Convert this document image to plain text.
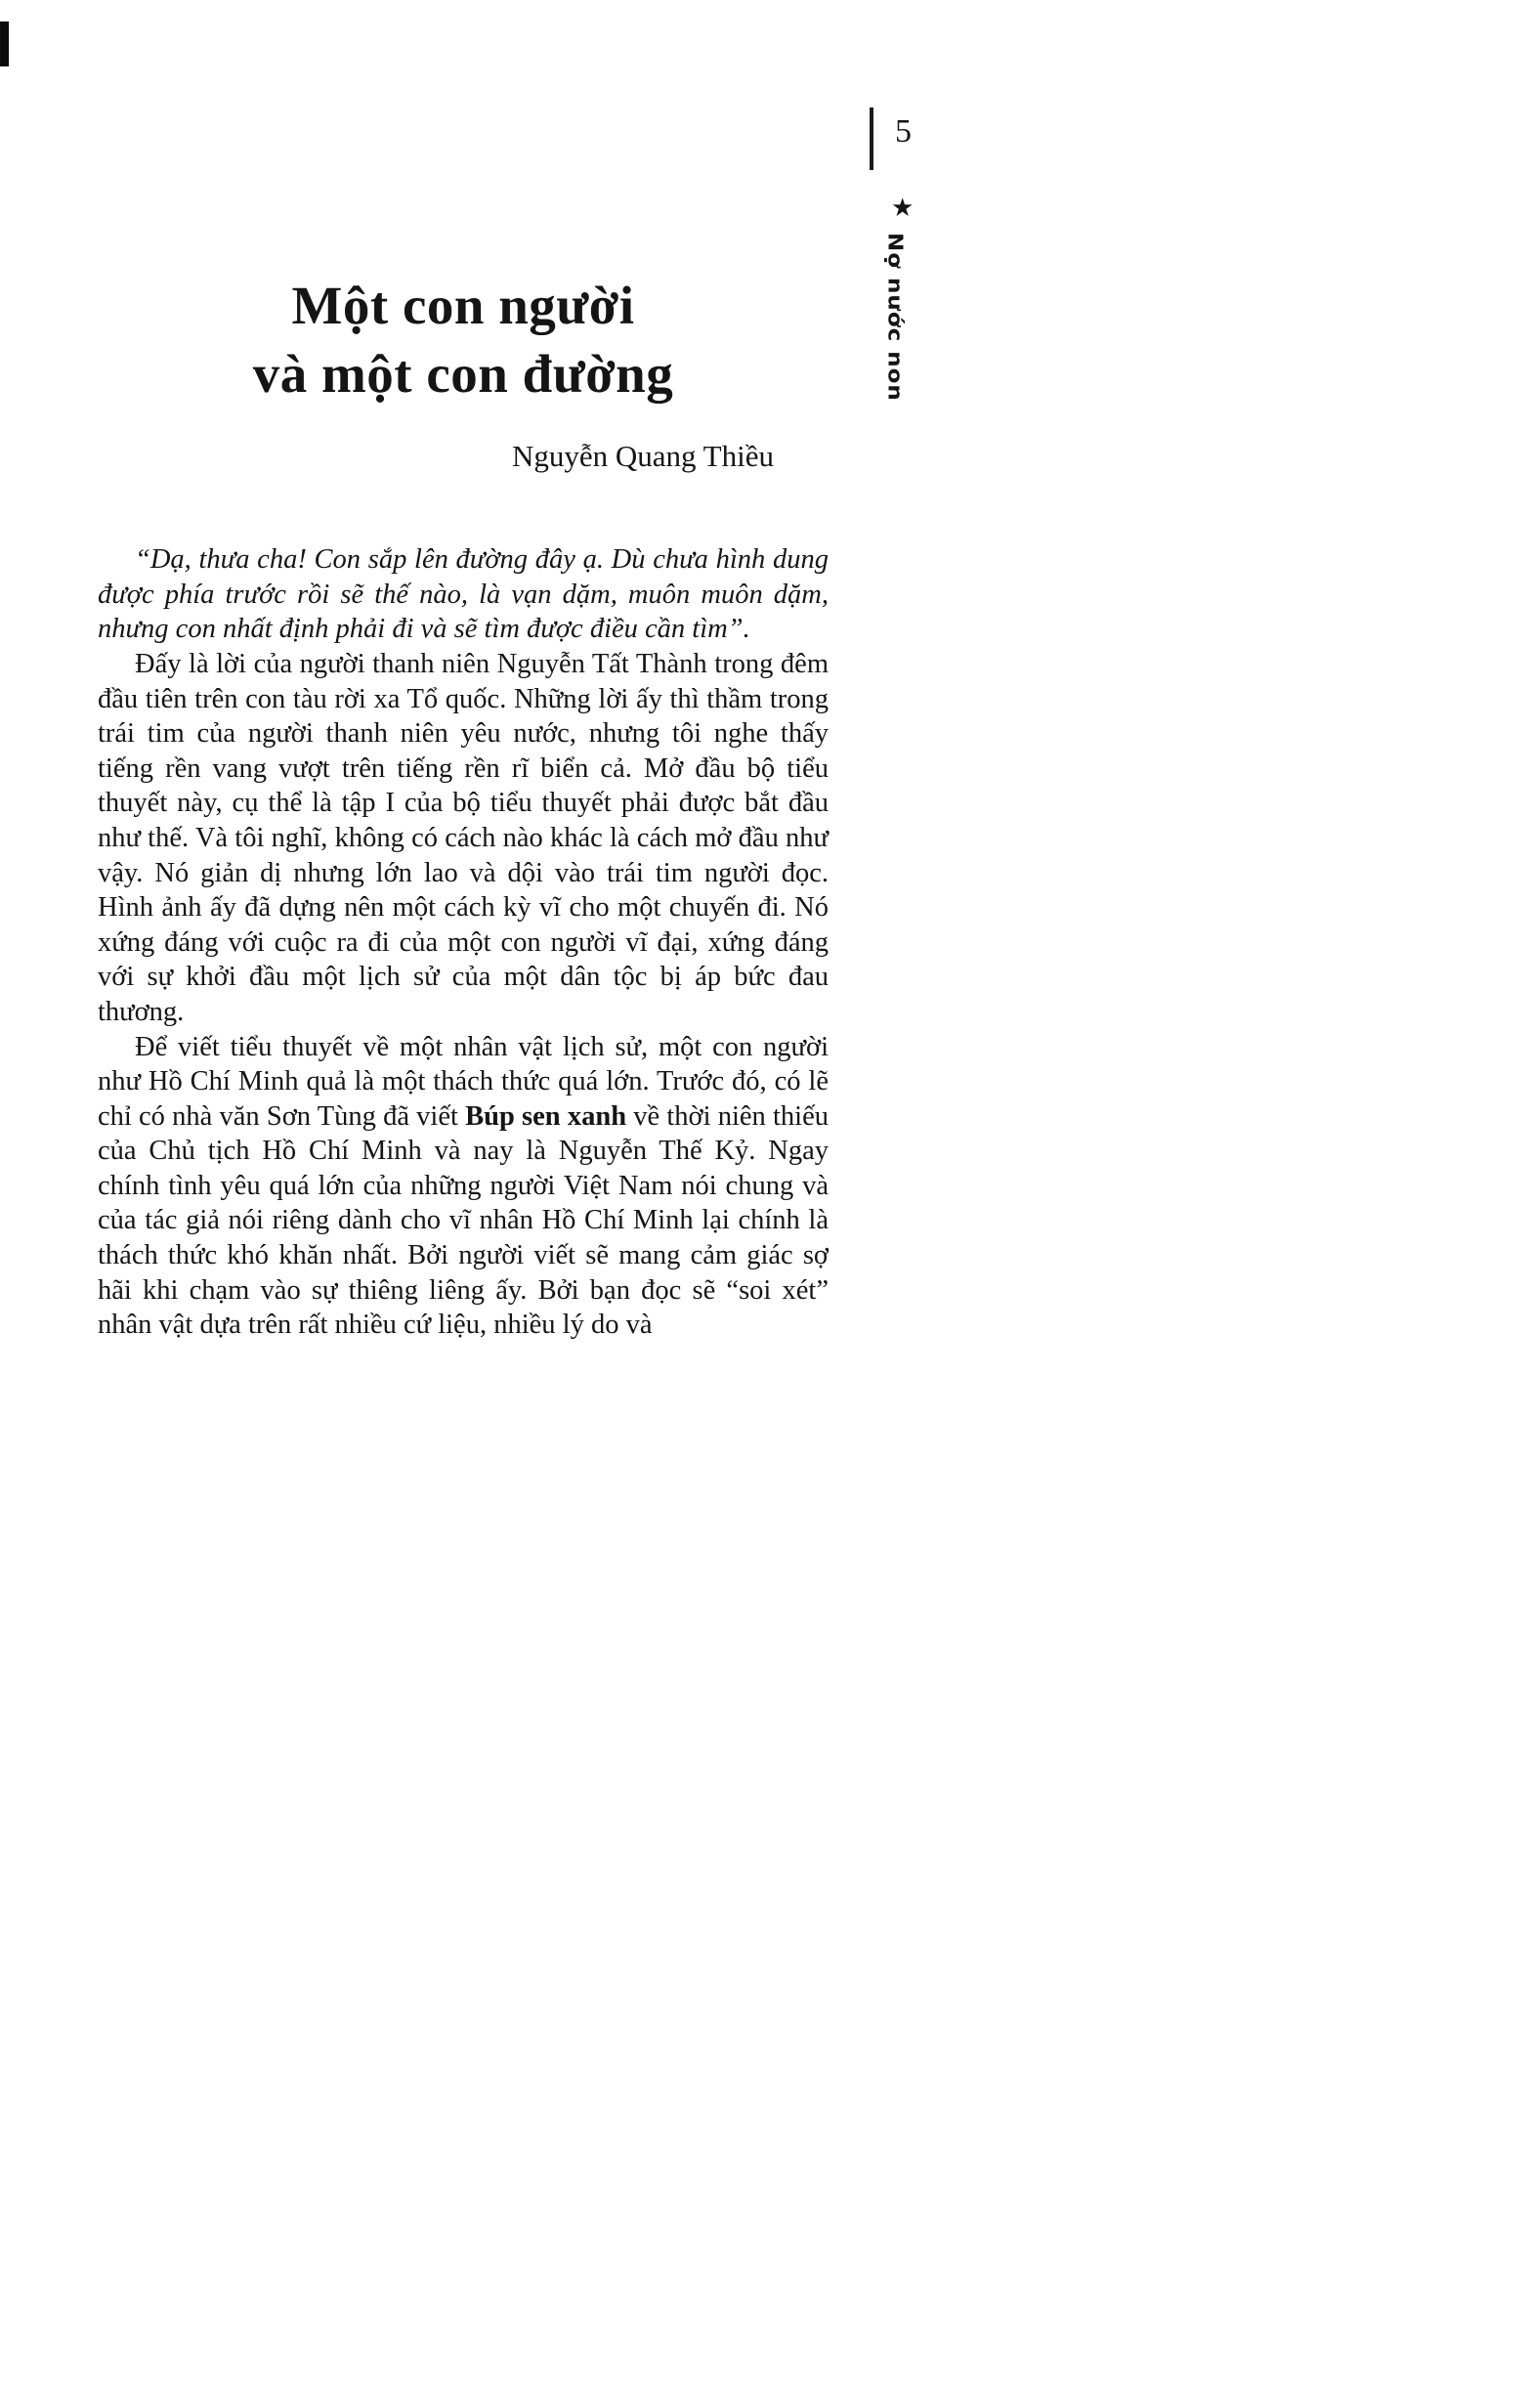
5
★
Nợ nước non
Một con người
và một con đường
Nguyễn Quang Thiều

“Dạ, thưa cha! Con sắp lên đường đây ạ. Dù chưa hình dung được phía trước rồi sẽ thế nào, là vạn dặm, muôn muôn dặm, nhưng con nhất định phải đi và sẽ tìm được điều cần tìm”.

Đấy là lời của người thanh niên Nguyễn Tất Thành trong đêm đầu tiên trên con tàu rời xa Tổ quốc. Những lời ấy thì thầm trong trái tim của người thanh niên yêu nước, nhưng tôi nghe thấy tiếng rền vang vượt trên tiếng rền rĩ biển cả. Mở đầu bộ tiểu thuyết này, cụ thể là tập I của bộ tiểu thuyết phải được bắt đầu như thế. Và tôi nghĩ, không có cách nào khác là cách mở đầu như vậy. Nó giản dị nhưng lớn lao và dội vào trái tim người đọc. Hình ảnh ấy đã dựng nên một cách kỳ vĩ cho một chuyến đi. Nó xứng đáng với cuộc ra đi của một con người vĩ đại, xứng đáng với sự khởi đầu một lịch sử của một dân tộc bị áp bức đau thương.

Để viết tiểu thuyết về một nhân vật lịch sử, một con người như Hồ Chí Minh quả là một thách thức quá lớn. Trước đó, có lẽ chỉ có nhà văn Sơn Tùng đã viết Búp sen xanh về thời niên thiếu của Chủ tịch Hồ Chí Minh và nay là Nguyễn Thế Kỷ. Ngay chính tình yêu quá lớn của những người Việt Nam nói chung và của tác giả nói riêng dành cho vĩ nhân Hồ Chí Minh lại chính là thách thức khó khăn nhất. Bởi người viết sẽ mang cảm giác sợ hãi khi chạm vào sự thiêng liêng ấy. Bởi bạn đọc sẽ “soi xét” nhân vật dựa trên rất nhiều cứ liệu, nhiều lý do và
